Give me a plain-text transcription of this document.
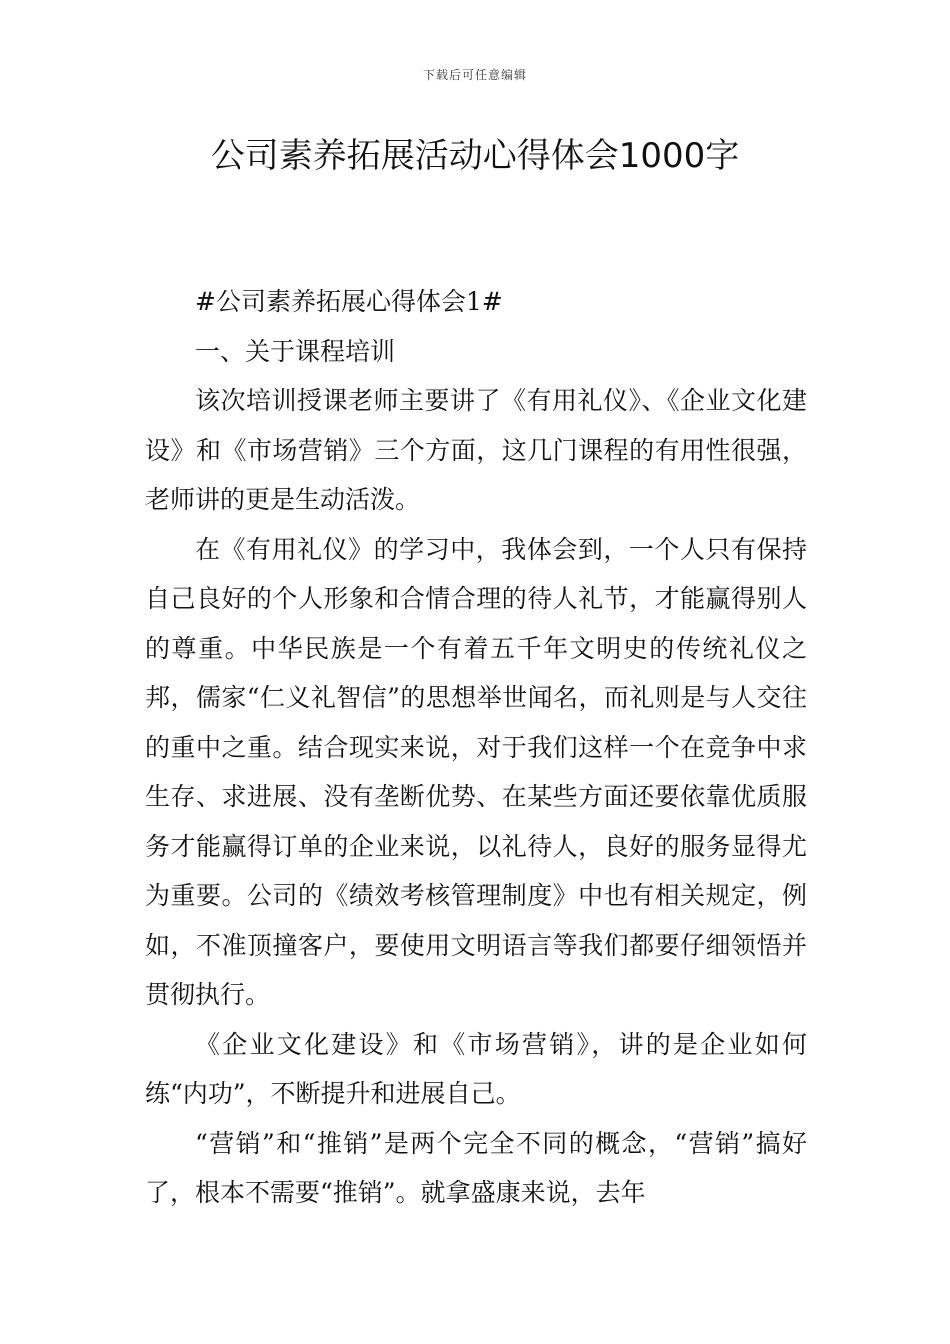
下载后可任意编辑
公司素养拓展活动心得体会1000字

#公司素养拓展心得体会1#

一、关于课程培训

该次培训授课老师主要讲了《有用礼仪》、《企业文化建设》和《市场营销》三个方面，这几门课程的有用性很强，老师讲的更是生动活泼。

在《有用礼仪》的学习中，我体会到，一个人只有保持自己良好的个人形象和合情合理的待人礼节，才能赢得别人的尊重。中华民族是一个有着五千年文明史的传统礼仪之邦，儒家“仁义礼智信”的思想举世闻名，而礼则是与人交往的重中之重。结合现实来说，对于我们这样一个在竞争中求生存、求进展、没有垄断优势、在某些方面还要依靠优质服务才能赢得订单的企业来说，以礼待人，良好的服务显得尤为重要。公司的《绩效考核管理制度》中也有相关规定，例如，不准顶撞客户，要使用文明语言等我们都要仔细领悟并贯彻执行。

《企业文化建设》和《市场营销》，讲的是企业如何练“内功”，不断提升和进展自己。

“营销”和“推销”是两个完全不同的概念，“营销”搞好了，根本不需要“推销”。就拿盛康来说，去年
